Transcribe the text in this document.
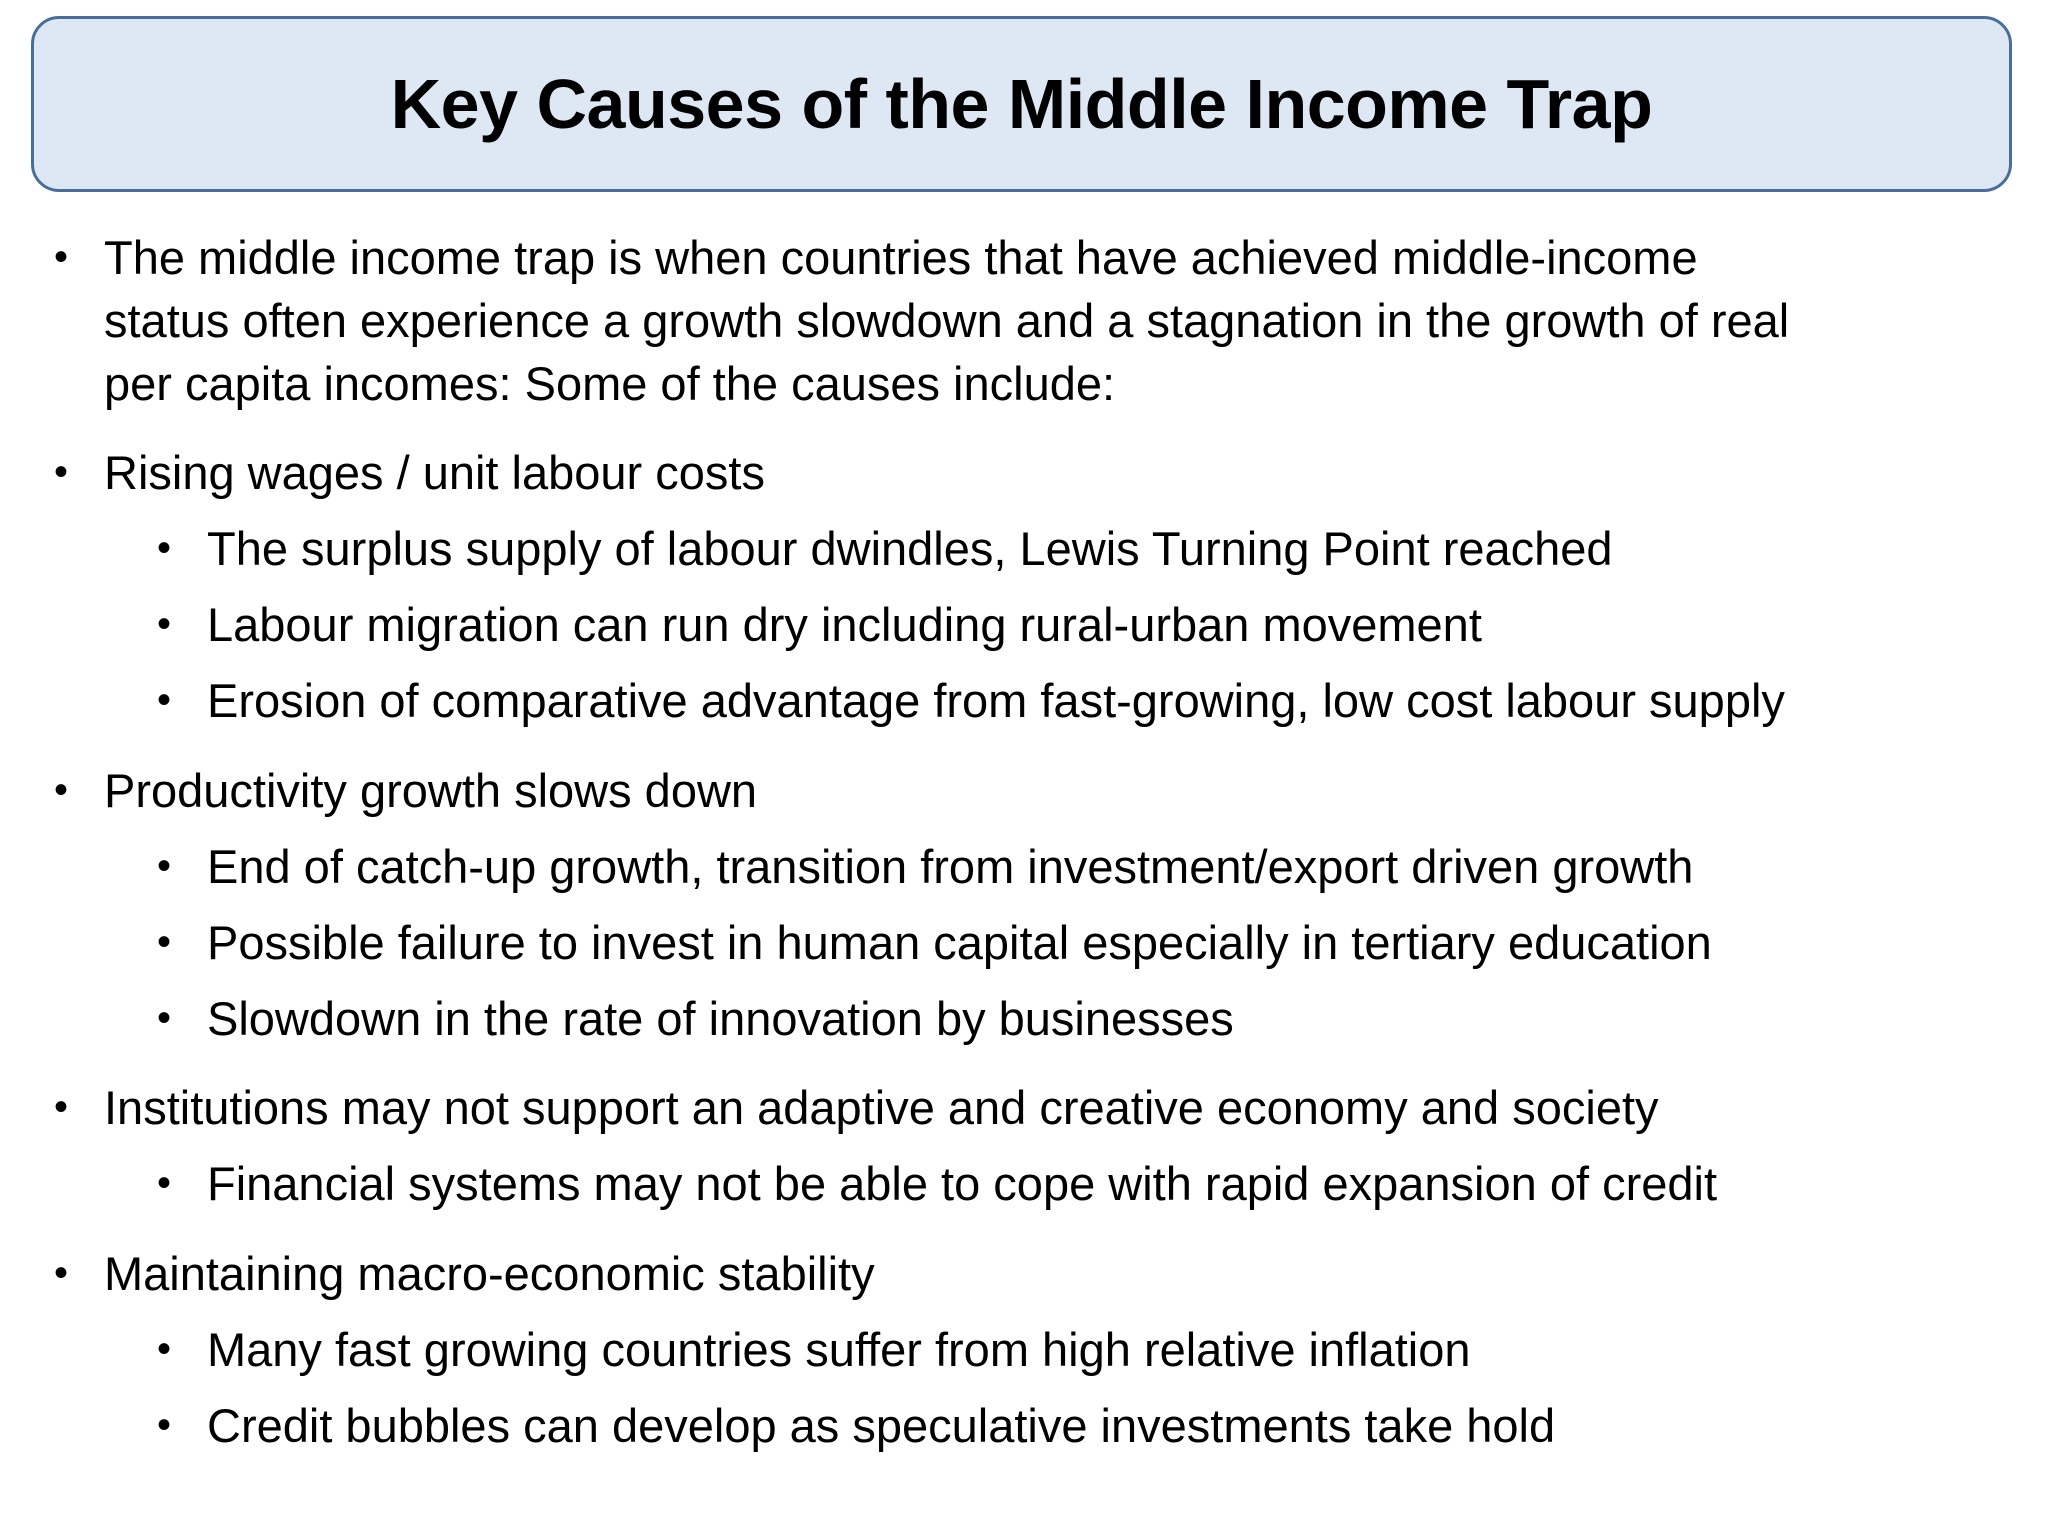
Key Causes of the Middle Income Trap
• The middle income trap is when countries that have achieved middle-income
status often experience a growth slowdown and a stagnation in the growth of real
per capita incomes: Some of the causes include:
• Rising wages / unit labour costs
• The surplus supply of labour dwindles, Lewis Turning Point reached
• Labour migration can run dry including rural-urban movement
• Erosion of comparative advantage from fast-growing, low cost labour supply
• Productivity growth slows down
• End of catch-up growth, transition from investment/export driven growth
• Possible failure to invest in human capital especially in tertiary education
• Slowdown in the rate of innovation by businesses
• Institutions may not support an adaptive and creative economy and society
• Financial systems may not be able to cope with rapid expansion of credit
• Maintaining macro-economic stability
• Many fast growing countries suffer from high relative inflation
• Credit bubbles can develop as speculative investments take hold
